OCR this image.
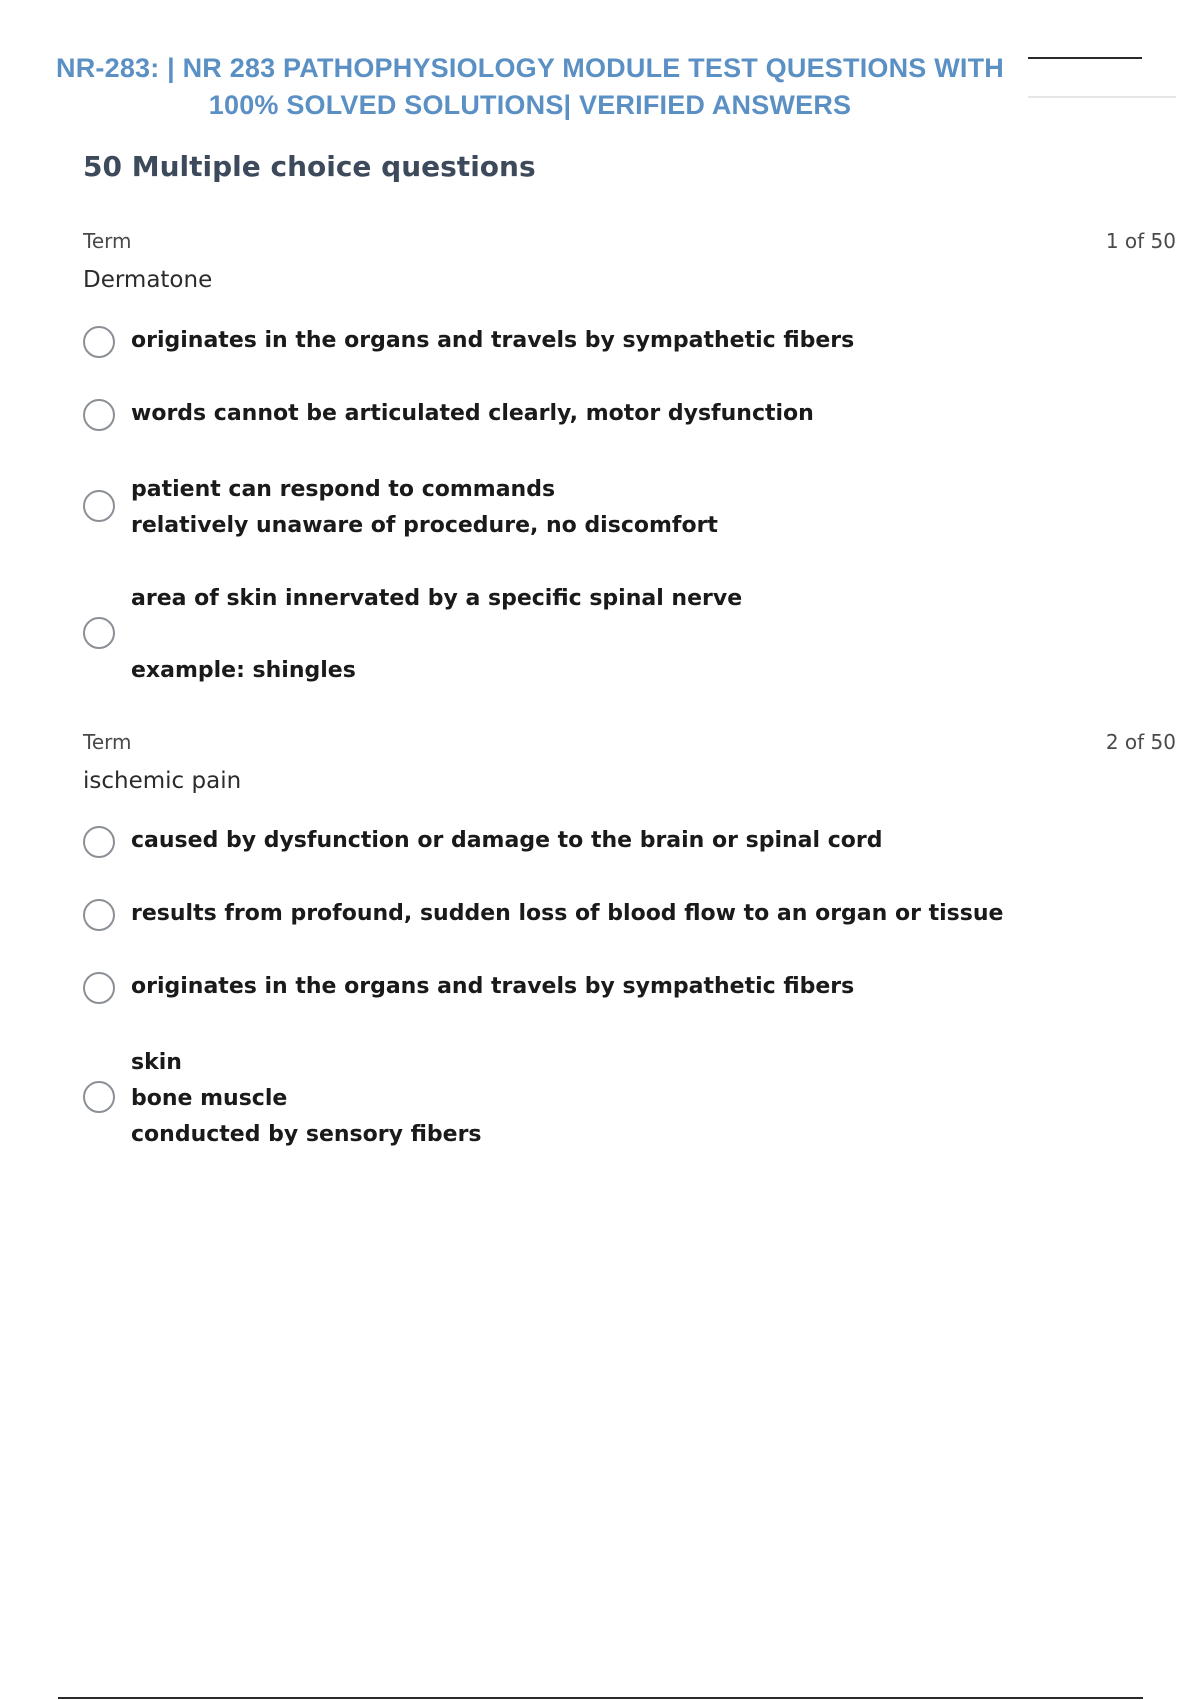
NR-283: | NR 283 PATHOPHYSIOLOGY MODULE TEST QUESTIONS WITH
100% SOLVED SOLUTIONS| VERIFIED ANSWERS
50 Multiple choice questions
Term	1 of 50
Dermatone
originates in the organs and travels by sympathetic fibers
words cannot be articulated clearly, motor dysfunction
patient can respond to commands
relatively unaware of procedure, no discomfort
area of skin innervated by a specific spinal nerve
example: shingles
Term	2 of 50
ischemic pain
caused by dysfunction or damage to the brain or spinal cord
results from profound, sudden loss of blood flow to an organ or tissue
originates in the organs and travels by sympathetic fibers
skin
bone muscle
conducted by sensory fibers
